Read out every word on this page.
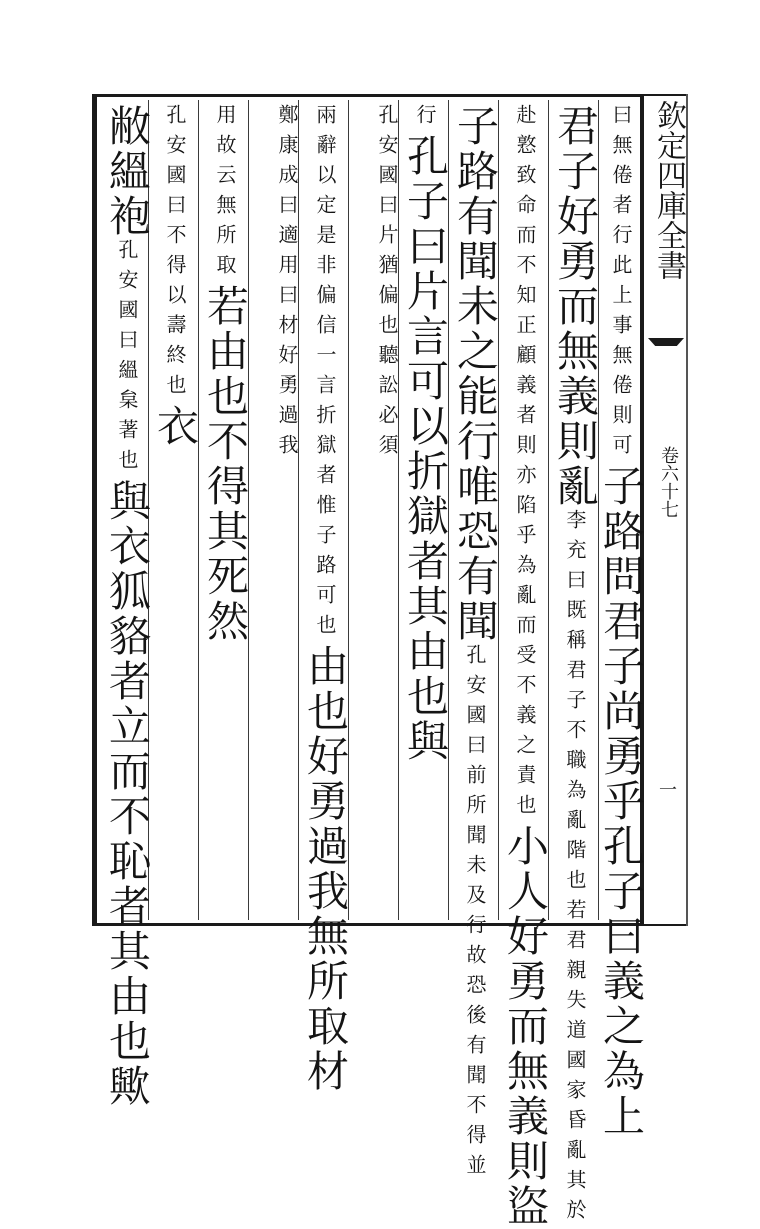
欽定四庫全書
卷六十七
一
曰無倦者行此上事無倦則可子路問君子尚勇乎孔子曰義之為上
君子好勇而無義則亂李充曰既稱君子不職為亂階也若君親失道國家昏亂其於
赴憝致命而不知正顧義者則亦陷乎為亂而受不義之責也小人好勇而無義則盜
子路有聞未之能行唯恐有聞孔安國曰前所聞未及行故恐後有聞不得並
行孔子曰片言可以折獄者其由也與
孔安國曰片猶偏也聽訟必須
兩辭以定是非偏信一言折獄者惟子路可也由也好勇過我無所取材
鄭康成曰適用曰材好勇過我
用故云無所取若由也不得其死然
孔安國曰不得以壽終也衣
敝縕袍孔安國曰縕枲著也與衣狐貉者立而不恥者其由也歟
